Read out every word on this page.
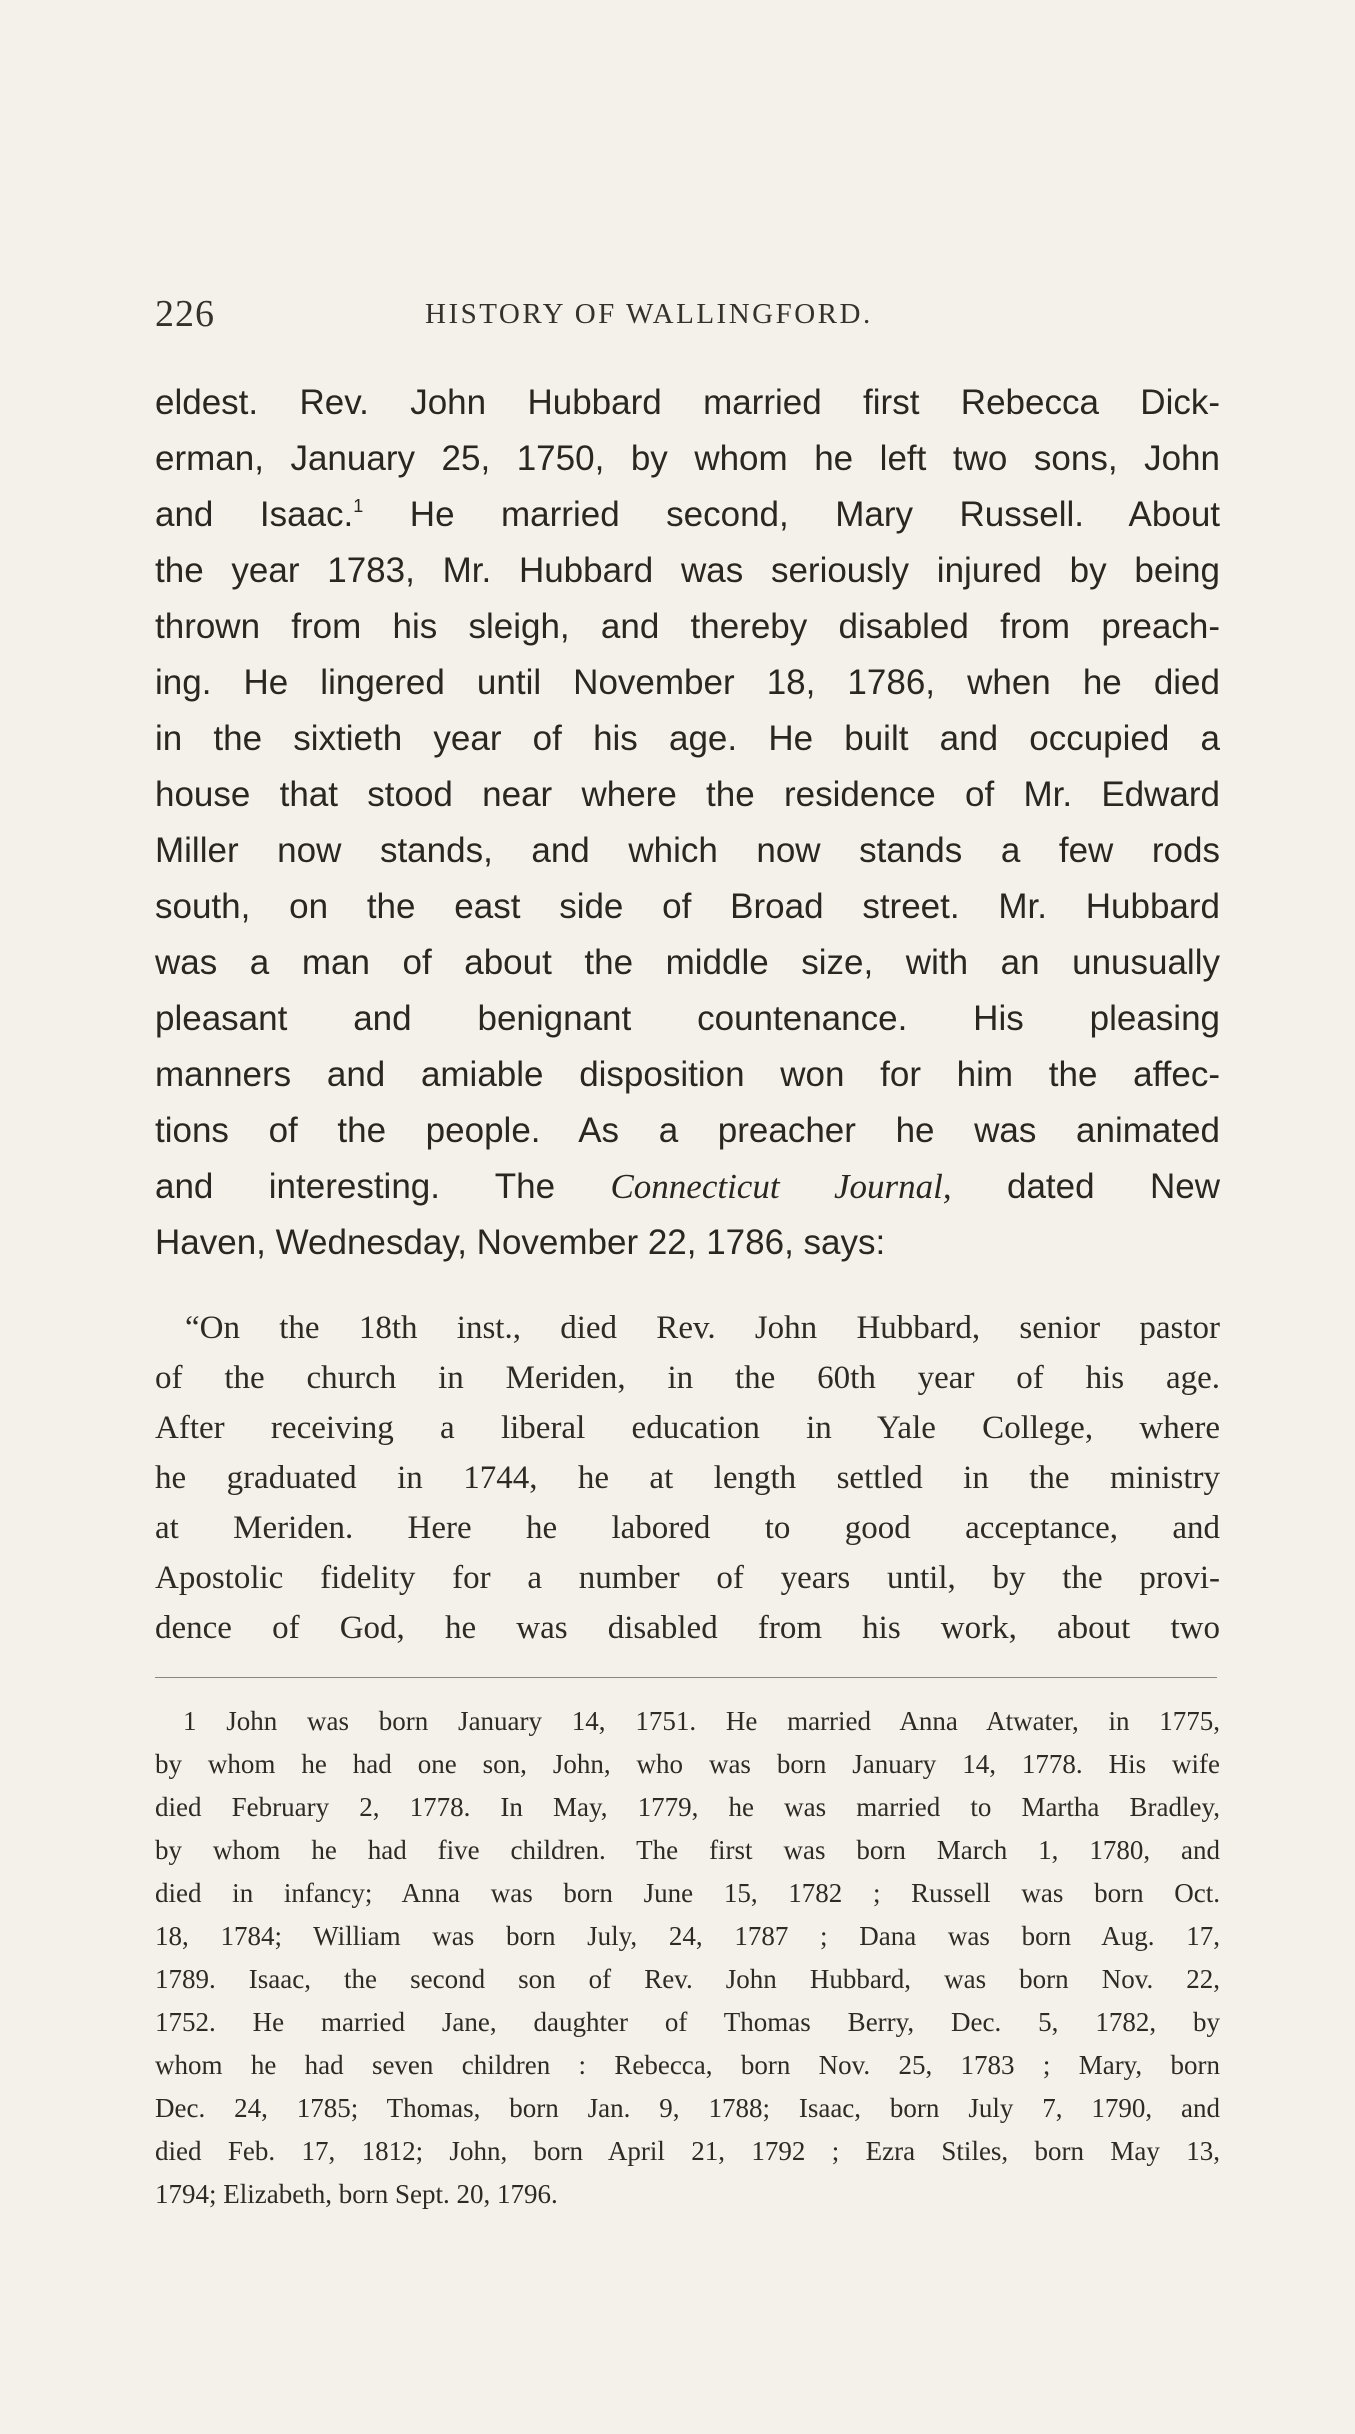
226	HISTORY OF WALLINGFORD.
eldest. Rev. John Hubbard married first Rebecca Dick-
erman, January 25, 1750, by whom he left two sons, John
and Isaac.$^1$ He married second, Mary Russell. About
the year 1783, Mr. Hubbard was seriously injured by being
thrown from his sleigh, and thereby disabled from preach-
ing. He lingered until November 18, 1786, when he died
in the sixtieth year of his age. He built and occupied a
house that stood near where the residence of Mr. Edward
Miller now stands, and which now stands a few rods
south, on the east side of Broad street. Mr. Hubbard
was a man of about the middle size, with an unusually
pleasant and benignant countenance. His pleasing
manners and amiable disposition won for him the affec-
tions of the people. As a preacher he was animated
and interesting. The Connecticut Journal, dated New
Haven, Wednesday, November 22, 1786, says:
“On the 18th inst., died Rev. John Hubbard, senior pastor
of the church in Meriden, in the 60th year of his age.
After receiving a liberal education in Yale College, where
he graduated in 1744, he at length settled in the ministry
at Meriden. Here he labored to good acceptance, and
Apostolic fidelity for a number of years until, by the provi-
dence of God, he was disabled from his work, about two
1 John was born January 14, 1751. He married Anna Atwater, in 1775,
by whom he had one son, John, who was born January 14, 1778. His wife
died February 2, 1778. In May, 1779, he was married to Martha Bradley,
by whom he had five children. The first was born March 1, 1780, and
died in infancy; Anna was born June 15, 1782 ; Russell was born Oct.
18, 1784; William was born July, 24, 1787 ; Dana was born Aug. 17,
1789. Isaac, the second son of Rev. John Hubbard, was born Nov. 22,
1752. He married Jane, daughter of Thomas Berry, Dec. 5, 1782, by
whom he had seven children : Rebecca, born Nov. 25, 1783 ; Mary, born
Dec. 24, 1785; Thomas, born Jan. 9, 1788; Isaac, born July 7, 1790, and
died Feb. 17, 1812; John, born April 21, 1792 ; Ezra Stiles, born May 13,
1794; Elizabeth, born Sept. 20, 1796.
